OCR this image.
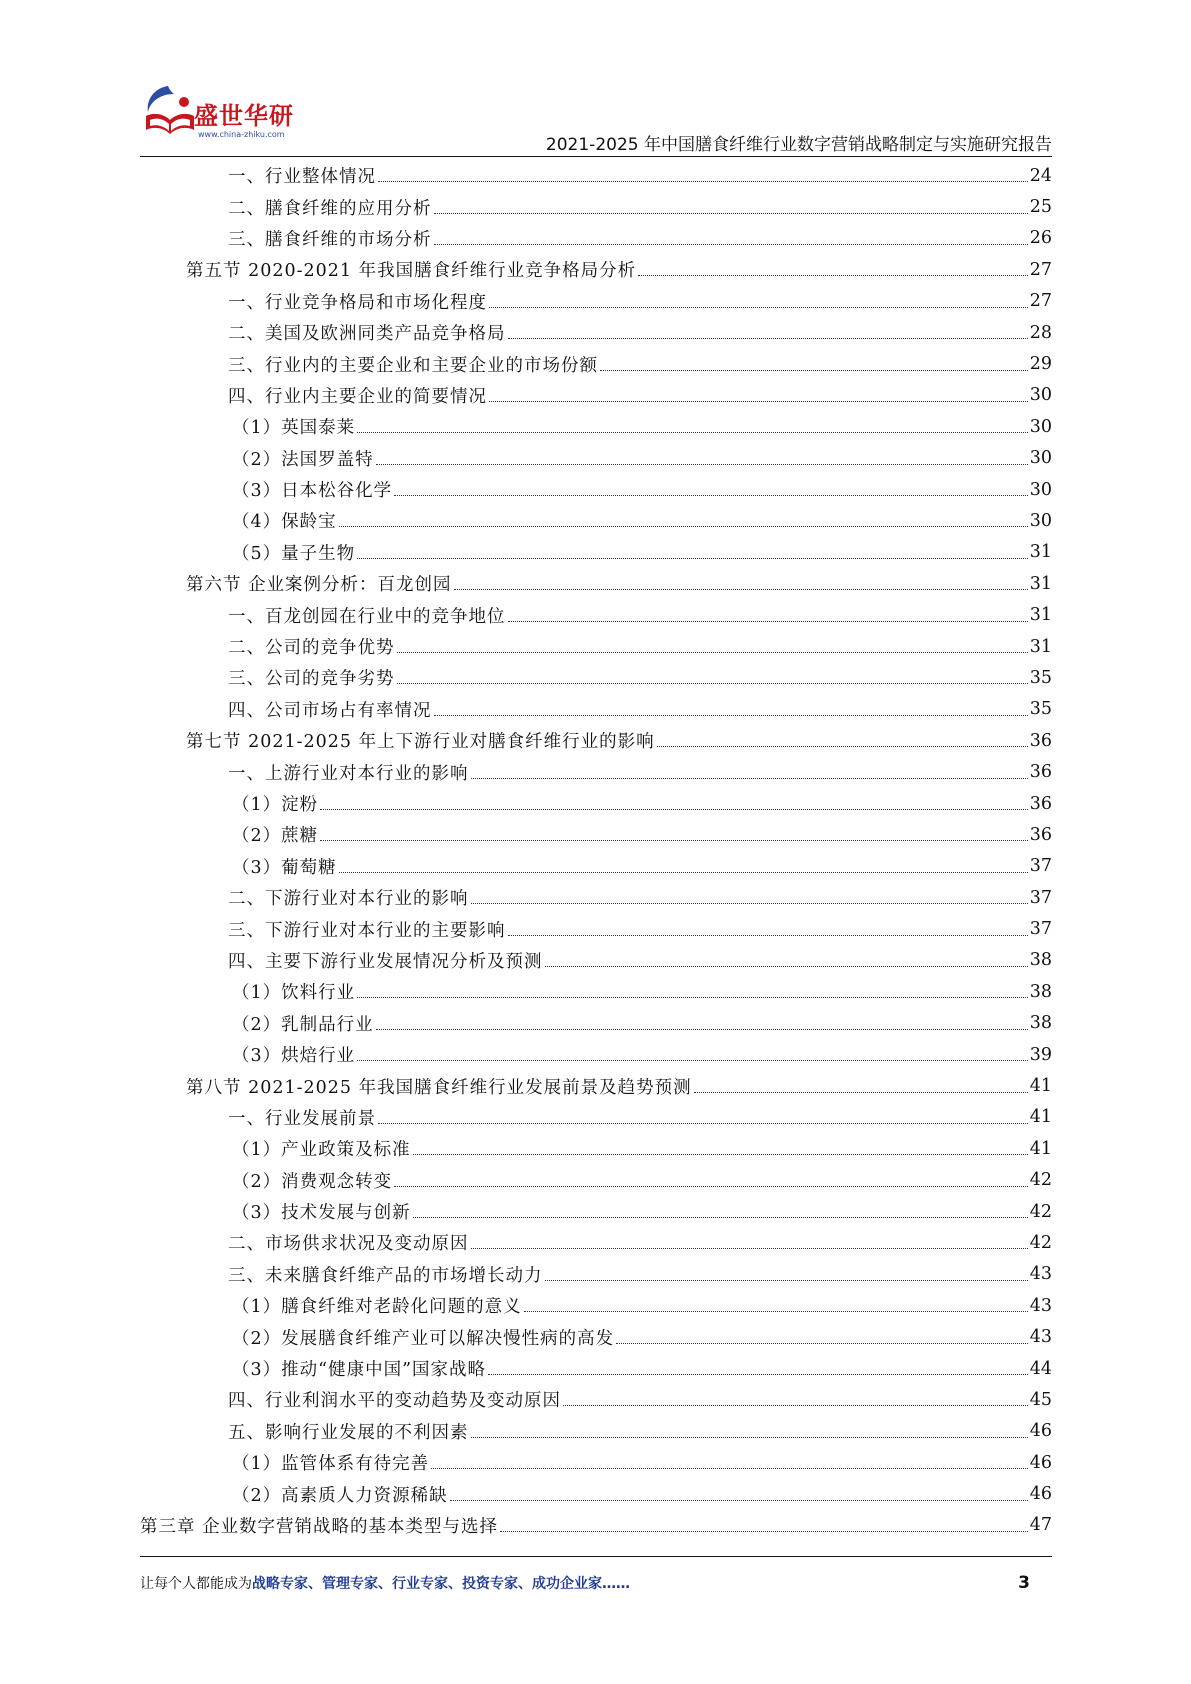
盛世华研
www.china-zhiku.com
2021-2025 年中国膳食纤维行业数字营销战略制定与实施研究报告
一、行业整体情况	24
二、膳食纤维的应用分析	25
三、膳食纤维的市场分析	26
第五节 2020-2021 年我国膳食纤维行业竞争格局分析	27
一、行业竞争格局和市场化程度	27
二、美国及欧洲同类产品竞争格局	28
三、行业内的主要企业和主要企业的市场份额	29
四、行业内主要企业的简要情况	30
（1）英国泰莱	30
（2）法国罗盖特	30
（3）日本松谷化学	30
（4）保龄宝	30
（5）量子生物	31
第六节 企业案例分析：百龙创园	31
一、百龙创园在行业中的竞争地位	31
二、公司的竞争优势	31
三、公司的竞争劣势	35
四、公司市场占有率情况	35
第七节 2021-2025 年上下游行业对膳食纤维行业的影响	36
一、上游行业对本行业的影响	36
（1）淀粉	36
（2）蔗糖	36
（3）葡萄糖	37
二、下游行业对本行业的影响	37
三、下游行业对本行业的主要影响	37
四、主要下游行业发展情况分析及预测	38
（1）饮料行业	38
（2）乳制品行业	38
（3）烘焙行业	39
第八节 2021-2025 年我国膳食纤维行业发展前景及趋势预测	41
一、行业发展前景	41
（1）产业政策及标准	41
（2）消费观念转变	42
（3）技术发展与创新	42
二、市场供求状况及变动原因	42
三、未来膳食纤维产品的市场增长动力	43
（1）膳食纤维对老龄化问题的意义	43
（2）发展膳食纤维产业可以解决慢性病的高发	43
（3）推动“健康中国”国家战略	44
四、行业利润水平的变动趋势及变动原因	45
五、影响行业发展的不利因素	46
（1）监管体系有待完善	46
（2）高素质人力资源稀缺	46
第三章 企业数字营销战略的基本类型与选择	47
让每个人都能成为战略专家、管理专家、行业专家、投资专家、成功企业家……	3
